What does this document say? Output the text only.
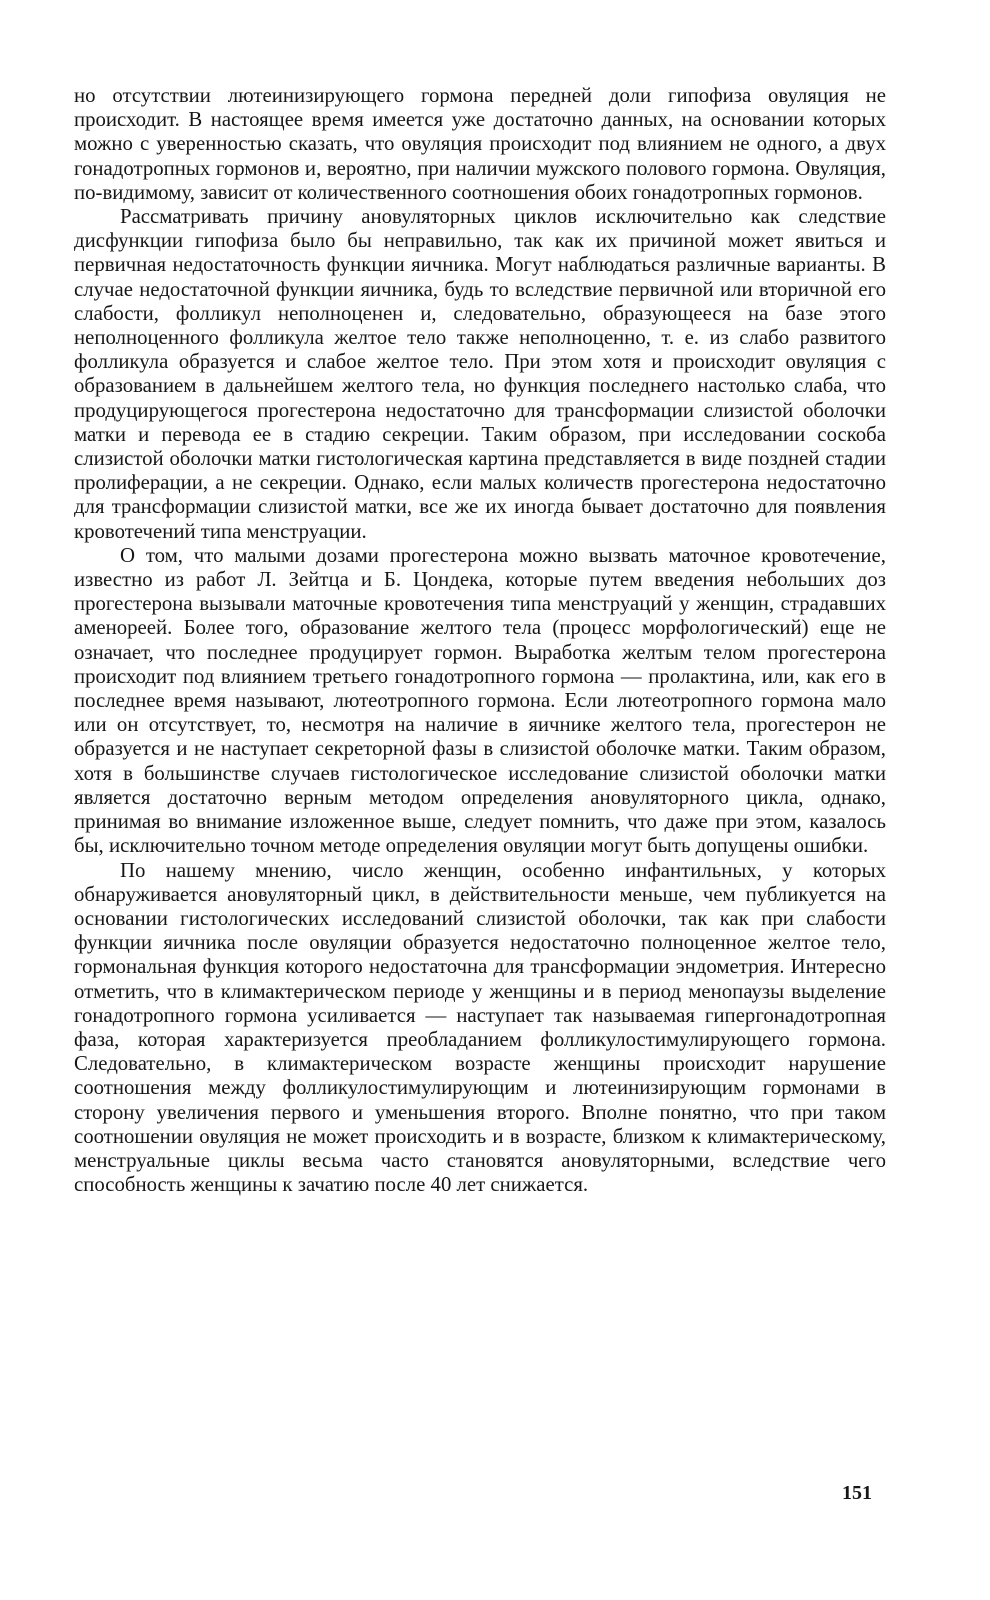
но отсутствии лютеинизирующего гормона передней доли гипофиза овуляция не происходит. В настоящее время имеется уже достаточно данных, на основании которых можно с уверенностью сказать, что овуляция происходит под влиянием не одного, а двух гонадотропных гормонов и, вероятно, при наличии мужского полового гормона. Овуляция, по-видимому, зависит от количественного соотношения обоих гонадотропных гормонов.

Рассматривать причину ановуляторных циклов исключительно как следствие дисфункции гипофиза было бы неправильно, так как их причиной может явиться и первичная недостаточность функции яичника. Могут наблюдаться различные варианты. В случае недостаточной функции яичника, будь то вследствие первичной или вторичной его слабости, фолликул неполноценен и, следовательно, образующееся на базе этого неполноценного фолликула желтое тело также неполноценно, т. е. из слабо развитого фолликула образуется и слабое желтое тело. При этом хотя и происходит овуляция с образованием в дальнейшем желтого тела, но функция последнего настолько слаба, что продуцирующегося прогестерона недостаточно для трансформации слизистой оболочки матки и перевода ее в стадию секреции. Таким образом, при исследовании соскоба слизистой оболочки матки гистологическая картина представляется в виде поздней стадии пролиферации, а не секреции. Однако, если малых количеств прогестерона недостаточно для трансформации слизистой матки, все же их иногда бывает достаточно для появления кровотечений типа менструации.

О том, что малыми дозами прогестерона можно вызвать маточное кровотечение, известно из работ Л. Зейтца и Б. Цондека, которые путем введения небольших доз прогестерона вызывали маточные кровотечения типа менструаций у женщин, страдавших аменореей. Более того, образование желтого тела (процесс морфологический) еще не означает, что последнее продуцирует гормон. Выработка желтым телом прогестерона происходит под влиянием третьего гонадотропного гормона — пролактина, или, как его в последнее время называют, лютеотропного гормона. Если лютеотропного гормона мало или он отсутствует, то, несмотря на наличие в яичнике желтого тела, прогестерон не образуется и не наступает секреторной фазы в слизистой оболочке матки. Таким образом, хотя в большинстве случаев гистологическое исследование слизистой оболочки матки является достаточно верным методом определения ановуляторного цикла, однако, принимая во внимание изложенное выше, следует помнить, что даже при этом, казалось бы, исключительно точном методе определения овуляции могут быть допущены ошибки.

По нашему мнению, число женщин, особенно инфантильных, у которых обнаруживается ановуляторный цикл, в действительности меньше, чем публикуется на основании гистологических исследований слизистой оболочки, так как при слабости функции яичника после овуляции образуется недостаточно полноценное желтое тело, гормональная функция которого недостаточна для трансформации эндометрия. Интересно отметить, что в климактерическом периоде у женщины и в период менопаузы выделение гонадотропного гормона усиливается — наступает так называемая гипергонадотропная фаза, которая характеризуется преобладанием фолликулостимулирующего гормона. Следовательно, в климактерическом возрасте женщины происходит нарушение соотношения между фолликулостимулирующим и лютеинизирующим гормонами в сторону увеличения первого и уменьшения второго. Вполне понятно, что при таком соотношении овуляция не может происходить и в возрасте, близком к климактерическому, менструальные циклы весьма часто становятся ановуляторными, вследствие чего способность женщины к зачатию после 40 лет снижается.

151
